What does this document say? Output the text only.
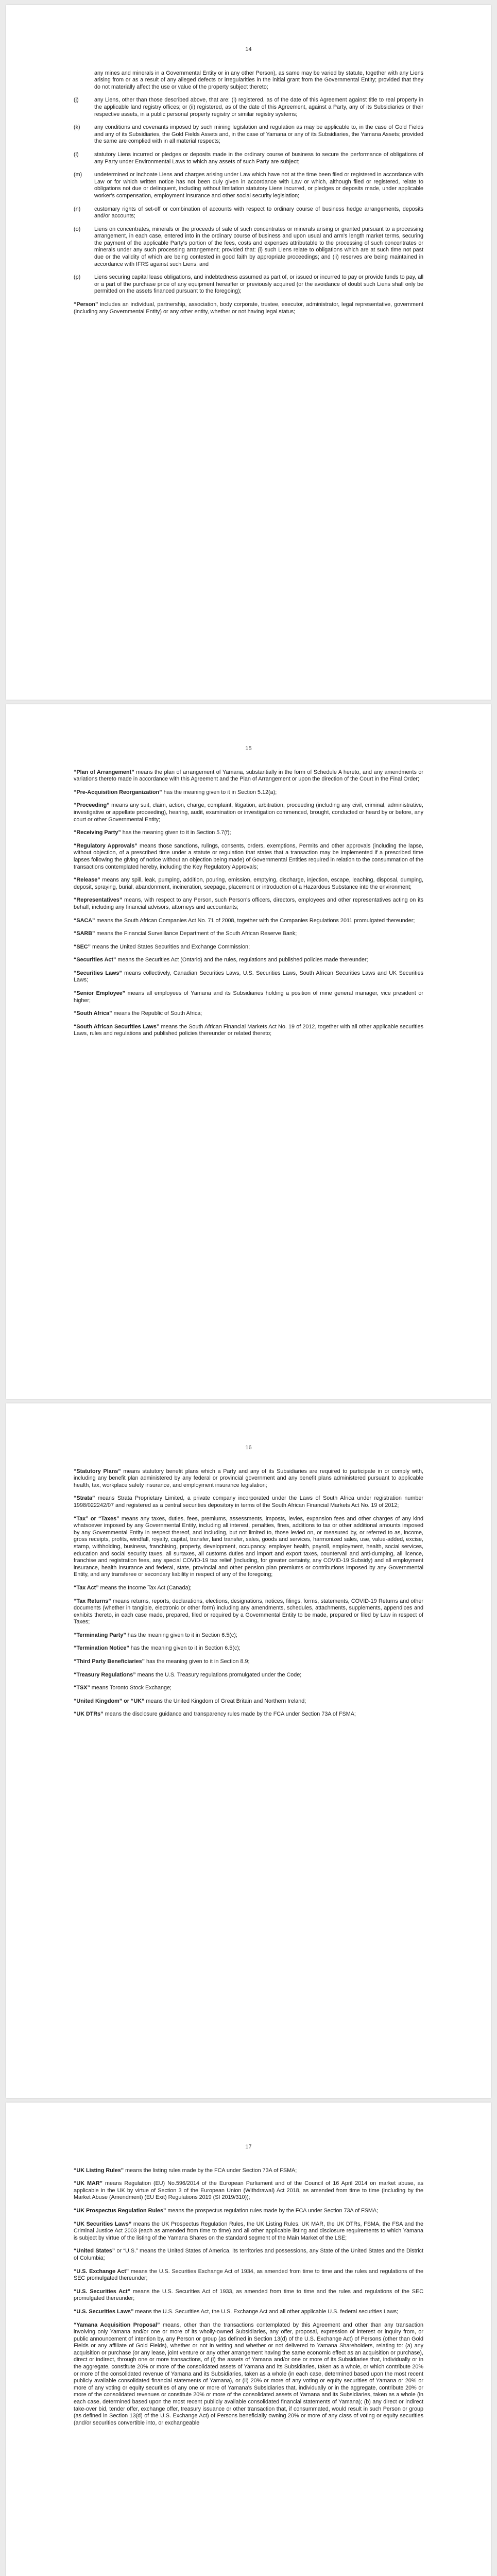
14
any mines and minerals in a Governmental Entity or in any other Person), as same may be varied by statute, together with any Liens arising from or as a result of any alleged defects or irregularities in the initial grant from the Governmental Entity; provided that they do not materially affect the use or value of the property subject thereto;
(j)	any Liens, other than those described above, that are: (i) registered, as of the date of this Agreement against title to real property in the applicable land registry offices; or (ii) registered, as of the date of this Agreement, against a Party, any of its Subsidiaries or their respective assets, in a public personal property registry or similar registry systems;
(k)	any conditions and covenants imposed by such mining legislation and regulation as may be applicable to, in the case of Gold Fields and any of its Subsidiaries, the Gold Fields Assets and, in the case of Yamana or any of its Subsidiaries, the Yamana Assets; provided the same are complied with in all material respects;
(l)	statutory Liens incurred or pledges or deposits made in the ordinary course of business to secure the performance of obligations of any Party under Environmental Laws to which any assets of such Party are subject;
(m)	undetermined or inchoate Liens and charges arising under Law which have not at the time been filed or registered in accordance with Law or for which written notice has not been duly given in accordance with Law or which, although filed or registered, relate to obligations not due or delinquent, including without limitation statutory Liens incurred, or pledges or deposits made, under applicable worker's compensation, employment insurance and other social security legislation;
(n)	customary rights of set-off or combination of accounts with respect to ordinary course of business hedge arrangements, deposits and/or accounts;
(o)	Liens on concentrates, minerals or the proceeds of sale of such concentrates or minerals arising or granted pursuant to a processing arrangement, in each case, entered into in the ordinary course of business and upon usual and arm's length market terms, securing the payment of the applicable Party's portion of the fees, costs and expenses attributable to the processing of such concentrates or minerals under any such processing arrangement; provided that: (i) such Liens relate to obligations which are at such time not past due or the validity of which are being contested in good faith by appropriate proceedings; and (ii) reserves are being maintained in accordance with IFRS against such Liens; and
(p)	Liens securing capital lease obligations, and indebtedness assumed as part of, or issued or incurred to pay or provide funds to pay, all or a part of the purchase price of any equipment hereafter or previously acquired (or the avoidance of doubt such Liens shall only be permitted on the assets financed pursuant to the foregoing);

“Person” includes an individual, partnership, association, body corporate, trustee, executor, administrator, legal representative, government (including any Governmental Entity) or any other entity, whether or not having legal status;

15

“Plan of Arrangement” means the plan of arrangement of Yamana, substantially in the form of Schedule A hereto, and any amendments or variations thereto made in accordance with this Agreement and the Plan of Arrangement or upon the direction of the Court in the Final Order;

“Pre-Acquisition Reorganization” has the meaning given to it in Section 5.12(a);

“Proceeding” means any suit, claim, action, charge, complaint, litigation, arbitration, proceeding (including any civil, criminal, administrative, investigative or appellate proceeding), hearing, audit, examination or investigation commenced, brought, conducted or heard by or before, any court or other Governmental Entity;

“Receiving Party” has the meaning given to it in Section 5.7(f);

“Regulatory Approvals” means those sanctions, rulings, consents, orders, exemptions, Permits and other approvals (including the lapse, without objection, of a prescribed time under a statute or regulation that states that a transaction may be implemented if a prescribed time lapses following the giving of notice without an objection being made) of Governmental Entities required in relation to the consummation of the transactions contemplated hereby, including the Key Regulatory Approvals;

“Release” means any spill, leak, pumping, addition, pouring, emission, emptying, discharge, injection, escape, leaching, disposal, dumping, deposit, spraying, burial, abandonment, incineration, seepage, placement or introduction of a Hazardous Substance into the environment;

“Representatives” means, with respect to any Person, such Person's officers, directors, employees and other representatives acting on its behalf, including any financial advisors, attorneys and accountants;

“SACA” means the South African Companies Act No. 71 of 2008, together with the Companies Regulations 2011 promulgated thereunder;

“SARB” means the Financial Surveillance Department of the South African Reserve Bank;

“SEC” means the United States Securities and Exchange Commission;

“Securities Act” means the Securities Act (Ontario) and the rules, regulations and published policies made thereunder;

“Securities Laws” means collectively, Canadian Securities Laws, U.S. Securities Laws, South African Securities Laws and UK Securities Laws;

“Senior Employee” means all employees of Yamana and its Subsidiaries holding a position of mine general manager, vice president or higher;

“South Africa” means the Republic of South Africa;

“South African Securities Laws” means the South African Financial Markets Act No. 19 of 2012, together with all other applicable securities Laws, rules and regulations and published policies thereunder or related thereto;

16

“Statutory Plans” means statutory benefit plans which a Party and any of its Subsidiaries are required to participate in or comply with, including any benefit plan administered by any federal or provincial government and any benefit plans administered pursuant to applicable health, tax, workplace safety insurance, and employment insurance legislation;

“Strata” means Strata Proprietary Limited, a private company incorporated under the Laws of South Africa under registration number 1998/022242/07 and registered as a central securities depository in terms of the South African Financial Markets Act No. 19 of 2012;

“Tax” or “Taxes” means any taxes, duties, fees, premiums, assessments, imposts, levies, expansion fees and other charges of any kind whatsoever imposed by any Governmental Entity, including all interest, penalties, fines, additions to tax or other additional amounts imposed by any Governmental Entity in respect thereof, and including, but not limited to, those levied on, or measured by, or referred to as, income, gross receipts, profits, windfall, royalty, capital, transfer, land transfer, sales, goods and services, harmonized sales, use, value-added, excise, stamp, withholding, business, franchising, property, development, occupancy, employer health, payroll, employment, health, social services, education and social security taxes, all surtaxes, all customs duties and import and export taxes, countervail and anti-dumping, all licence, franchise and registration fees, any special COVID-19 tax relief (including, for greater certainty, any COVID-19 Subsidy) and all employment insurance, health insurance and federal, state, provincial and other pension plan premiums or contributions imposed by any Governmental Entity, and any transferee or secondary liability in respect of any of the foregoing;

“Tax Act” means the Income Tax Act (Canada);

“Tax Returns” means returns, reports, declarations, elections, designations, notices, filings, forms, statements, COVID-19 Returns and other documents (whether in tangible, electronic or other form) including any amendments, schedules, attachments, supplements, appendices and exhibits thereto, in each case made, prepared, filed or required by a Governmental Entity to be made, prepared or filed by Law in respect of Taxes;

“Terminating Party” has the meaning given to it in Section 6.5(c);

“Termination Notice” has the meaning given to it in Section 6.5(c);

“Third Party Beneficiaries” has the meaning given to it in Section 8.9;

“Treasury Regulations” means the U.S. Treasury regulations promulgated under the Code;

“TSX” means Toronto Stock Exchange;

“United Kingdom” or “UK” means the United Kingdom of Great Britain and Northern Ireland;

“UK DTRs” means the disclosure guidance and transparency rules made by the FCA under Section 73A of FSMA;

17

“UK Listing Rules” means the listing rules made by the FCA under Section 73A of FSMA;

“UK MAR” means Regulation (EU) No.596/2014 of the European Parliament and of the Council of 16 April 2014 on market abuse, as applicable in the UK by virtue of Section 3 of the European Union (Withdrawal) Act 2018, as amended from time to time (including by the Market Abuse (Amendment) (EU Exit) Regulations 2019 (SI 2019/310));

“UK Prospectus Regulation Rules” means the prospectus regulation rules made by the FCA under Section 73A of FSMA;

“UK Securities Laws” means the UK Prospectus Regulation Rules, the UK Listing Rules, UK MAR, the UK DTRs, FSMA, the FSA and the Criminal Justice Act 2003 (each as amended from time to time) and all other applicable listing and disclosure requirements to which Yamana is subject by virtue of the listing of the Yamana Shares on the standard segment of the Main Market of the LSE;

“United States” or “U.S.” means the United States of America, its territories and possessions, any State of the United States and the District of Columbia;

“U.S. Exchange Act” means the U.S. Securities Exchange Act of 1934, as amended from time to time and the rules and regulations of the SEC promulgated thereunder;

“U.S. Securities Act” means the U.S. Securities Act of 1933, as amended from time to time and the rules and regulations of the SEC promulgated thereunder;

“U.S. Securities Laws” means the U.S. Securities Act, the U.S. Exchange Act and all other applicable U.S. federal securities Laws;

“Yamana Acquisition Proposal” means, other than the transactions contemplated by this Agreement and other than any transaction involving only Yamana and/or one or more of its wholly-owned Subsidiaries, any offer, proposal, expression of interest or inquiry from, or public announcement of intention by, any Person or group (as defined in Section 13(d) of the U.S. Exchange Act) of Persons (other than Gold Fields or any affiliate of Gold Fields), whether or not in writing and whether or not delivered to Yamana Shareholders, relating to: (a) any acquisition or purchase (or any lease, joint venture or any other arrangement having the same economic effect as an acquisition or purchase), direct or indirect, through one or more transactions, of (i) the assets of Yamana and/or one or more of its Subsidiaries that, individually or in the aggregate, constitute 20% or more of the consolidated assets of Yamana and its Subsidiaries, taken as a whole, or which contribute 20% or more of the consolidated revenue of Yamana and its Subsidiaries, taken as a whole (in each case, determined based upon the most recent publicly available consolidated financial statements of Yamana), or (ii) 20% or more of any voting or equity securities of Yamana or 20% or more of any voting or equity securities of any one or more of Yamana's Subsidiaries that, individually or in the aggregate, contribute 20% or more of the consolidated revenues or constitute 20% or more of the consolidated assets of Yamana and its Subsidiaries, taken as a whole (in each case, determined based upon the most recent publicly available consolidated financial statements of Yamana); (b) any direct or indirect take-over bid, tender offer, exchange offer, treasury issuance or other transaction that, if consummated, would result in such Person or group (as defined in Section 13(d) of the U.S. Exchange Act) of Persons beneficially owning 20% or more of any class of voting or equity securities (and/or securities convertible into, or exchangeable
